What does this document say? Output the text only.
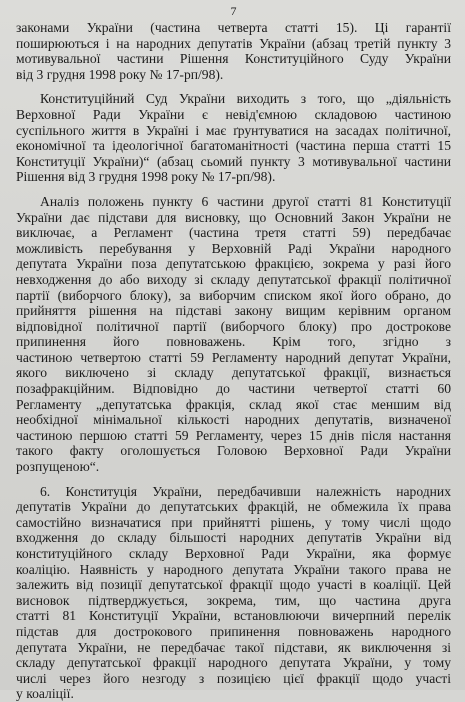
7

законами України (частина четверта статті 15). Ці гарантії
поширюються і на народних депутатів України (абзац третій пункту 3
мотивувальної частини Рішення Конституційного Суду України
від 3 грудня 1998 року № 17-рп/98).

Конституційний Суд України виходить з того, що „діяльність
Верховної Ради України є невід'ємною складовою частиною
суспільного життя в Україні і має ґрунтуватися на засадах політичної,
економічної та ідеологічної багатоманітності (частина перша статті 15
Конституції України)“ (абзац сьомий пункту 3 мотивувальної частини
Рішення від 3 грудня 1998 року № 17-рп/98).

Аналіз положень пункту 6 частини другої статті 81 Конституції
України дає підстави для висновку, що Основний Закон України не
виключає, а Регламент (частина третя статті 59) передбачає
можливість перебування у Верховній Раді України народного
депутата України поза депутатською фракцією, зокрема у разі його
невходження до або виходу зі складу депутатської фракції політичної
партії (виборчого блоку), за виборчим списком якої його обрано, до
прийняття рішення на підставі закону вищим керівним органом
відповідної політичної партії (виборчого блоку) про дострокове
припинення його повноважень. Крім того, згідно з
частиною четвертою статті 59 Регламенту народний депутат України,
якого виключено зі складу депутатської фракції, визнається
позафракційним. Відповідно до частини четвертої статті 60
Регламенту „депутатська фракція, склад якої стає меншим від
необхідної мінімальної кількості народних депутатів, визначеної
частиною першою статті 59 Регламенту, через 15 днів після настання
такого факту оголошується Головою Верховної Ради України
розпущеною“.

6. Конституція України, передбачивши належність народних
депутатів України до депутатських фракцій, не обмежила їх права
самостійно визначатися при прийнятті рішень, у тому числі щодо
входження до складу більшості народних депутатів України від
конституційного складу Верховної Ради України, яка формує
коаліцію. Наявність у народного депутата України такого права не
залежить від позиції депутатської фракції щодо участі в коаліції. Цей
висновок підтверджується, зокрема, тим, що частина друга
статті 81 Конституції України, встановлюючи вичерпний перелік
підстав для дострокового припинення повноважень народного
депутата України, не передбачає такої підстави, як виключення зі
складу депутатської фракції народного депутата України, у тому
числі через його незгоду з позицією цієї фракції щодо участі
у коаліції.
